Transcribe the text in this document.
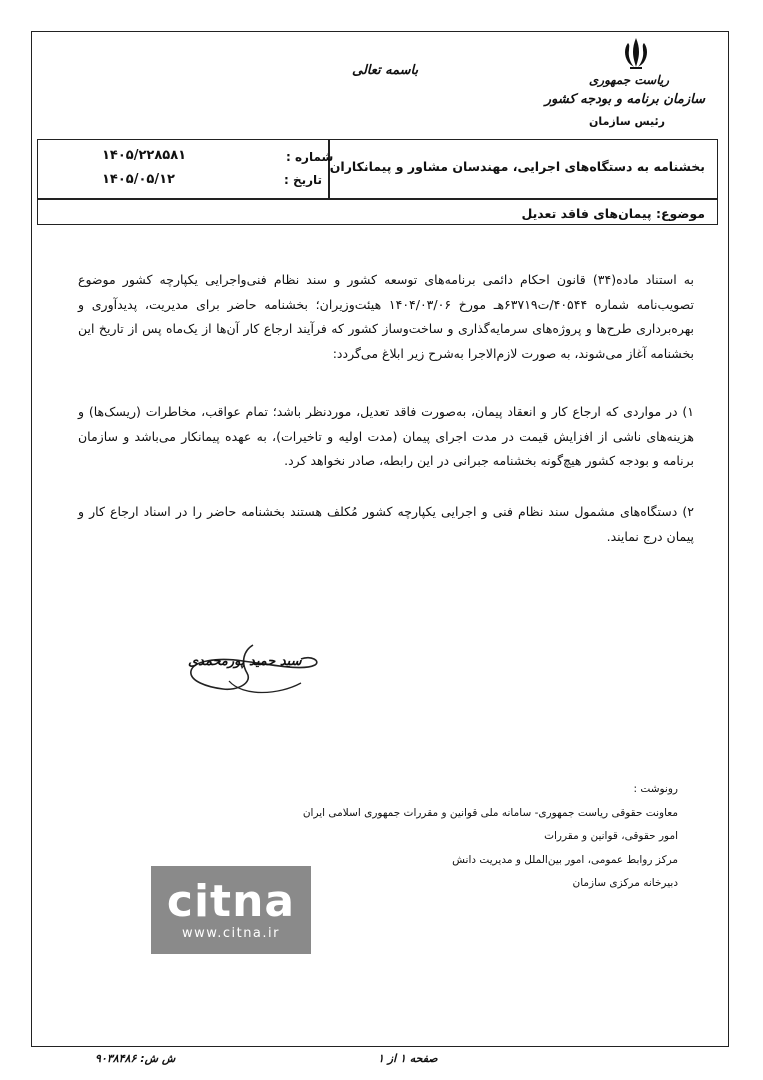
باسمه تعالی
ریاست جمهوری
سازمان برنامه و بودجه کشور
رئیس سازمان
بخشنامه به دستگاه‌های اجرایی، مهندسان مشاور و پیمانکاران
شماره :
۱۴۰۵/۲۲۸۵۸۱
تاریخ :
۱۴۰۵/۰۵/۱۲
موضوع: پیمان‌های فاقد تعدیل
به استناد ماده(۳۴) قانون احکام دائمی برنامه‌های توسعه کشور و سند نظام فنی‌واجرایی یکپارچه کشور موضوع تصویب‌نامه شماره ۴۰۵۴۴/ت۶۳۷۱۹هـ مورخ ۱۴۰۴/۰۳/۰۶ هیئت‌وزیران؛ بخشنامه حاضر برای مدیریت، پدیدآوری و بهره‌برداری طرح‌ها و پروژه‌های سرمایه‌گذاری و ساخت‌وساز کشور که فرآیند ارجاع کار آن‌ها از یک‌ماه پس از تاریخ این بخشنامه آغاز می‌شوند، به صورت لازم‌الاجرا به‌شرح زیر ابلاغ می‌گردد:
۱) در مواردی که ارجاع کار و انعقاد پیمان، به‌صورت فاقد تعدیل، موردنظر باشد؛ تمام عواقب، مخاطرات (ریسک‌ها) و هزینه‌های ناشی از افزایش قیمت در مدت اجرای پیمان (مدت اولیه و تاخیرات)، به عهده پیمانکار می‌باشد و سازمان برنامه و بودجه کشور هیچ‌گونه بخشنامه جبرانی در این رابطه، صادر نخواهد کرد.
۲) دستگاه‌های مشمول سند نظام فنی و اجرایی یکپارچه کشور مُکلف هستند بخشنامه حاضر را در اسناد ارجاع کار و پیمان درج نمایند.
سید حمید پورمحمدی
رونوشت :
معاونت حقوقی ریاست جمهوری- سامانه ملی قوانین و مقررات جمهوری اسلامی ایران
امور حقوقی، قوانین و مقررات
مرکز روابط عمومی، امور بین‌الملل و مدیریت دانش
دبیرخانه مرکزی سازمان
citna
www.citna.ir
ش ش: ۹۰۳۸۴۸۶	صفحه ۱ از ۱
